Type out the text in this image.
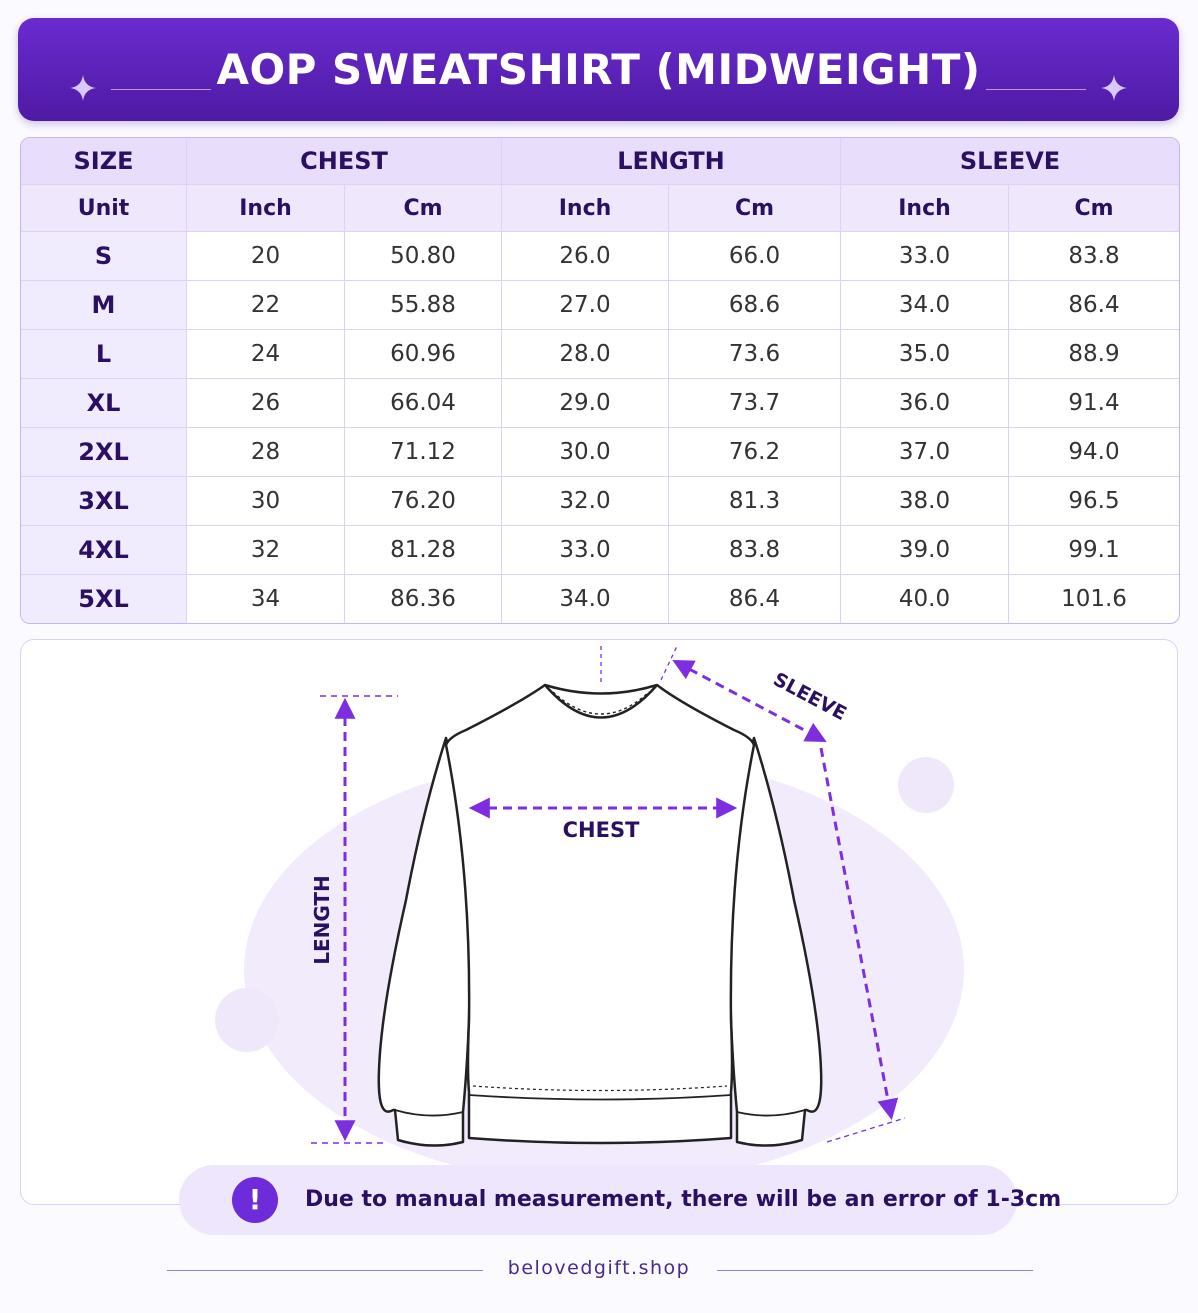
AOP SWEATSHIRT (MIDWEIGHT)
SIZE	CHEST		LENGTH		SLEEVE	
Unit	Inch	Cm	Inch	Cm	Inch	Cm
S	20	50.80	26.0	66.0	33.0	83.8
M	22	55.88	27.0	68.6	34.0	86.4
L	24	60.96	28.0	73.6	35.0	88.9
XL	26	66.04	29.0	73.7	36.0	91.4
2XL	28	71.12	30.0	76.2	37.0	94.0
3XL	30	76.20	32.0	81.3	38.0	96.5
4XL	32	81.28	33.0	83.8	39.0	99.1
5XL	34	86.36	34.0	86.4	40.0	101.6
CHEST
LENGTH
SLEEVE
!	Due to manual measurement, there will be an error of 1-3cm
belovedgift.shop
